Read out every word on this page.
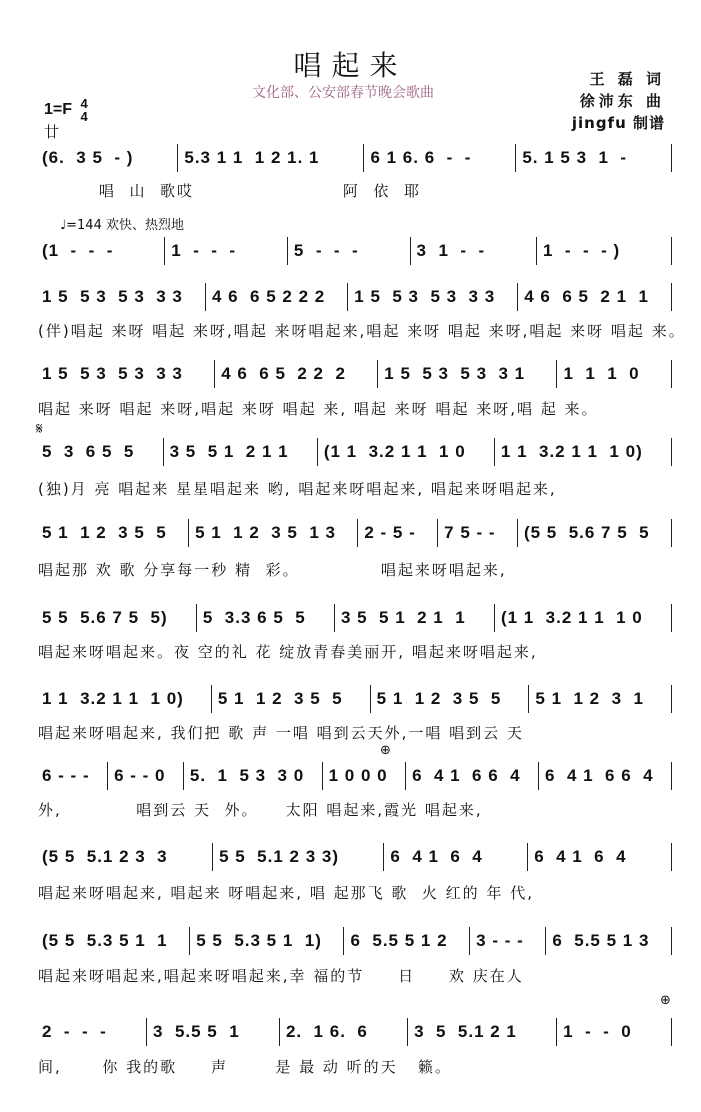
唱起来
文化部、公安部春节晚会歌曲
王 磊 词
徐沛东 曲
jingfu 制谱
1=F 4
4
廿
♩=144 欢快、热烈地
𝄋
⊕
⊕
(6.  3 5  - )	5.3 1 1  1 2 1. 1	6 1 6. 6  -  -	5. 1 5 3  1  -
唱  山  歌哎                      阿  依  耶
(1  -  -  -	1  -  -  -	5  -  -  -	3  1  -  -	1  -  -  - )
1 5  5 3  5 3  3 3	4 6  6 5 2 2 2	1 5  5 3  5 3  3 3	4 6  6 5  2 1  1
(伴)唱起 来呀 唱起 来呀,唱起 来呀唱起来,唱起 来呀 唱起 来呀,唱起 来呀 唱起 来。
1 5  5 3  5 3  3 3	4 6  6 5  2 2  2	1 5  5 3  5 3  3 1	1  1  1  0
唱起 来呀 唱起 来呀,唱起 来呀 唱起 来, 唱起 来呀 唱起 来呀,唱 起 来。
5  3  6 5  5	3 5  5 1  2 1 1	(1 1  3.2 1 1  1 0	1 1  3.2 1 1  1 0)
(独)月 亮 唱起来 星星唱起来 哟, 唱起来呀唱起来, 唱起来呀唱起来,
5 1  1 2  3 5  5	5 1  1 2  3 5  1 3	2 - 5 -	7 5 - -	(5 5  5.6 7 5  5
唱起那 欢 歌 分享每一秒 精  彩。            唱起来呀唱起来,
5 5  5.6 7 5  5)	5  3.3 6 5  5	3 5  5 1  2 1  1	(1 1  3.2 1 1  1 0
唱起来呀唱起来。夜 空的礼 花 绽放青春美丽开, 唱起来呀唱起来,
1 1  3.2 1 1  1 0)	5 1  1 2  3 5  5	5 1  1 2  3 5  5	5 1  1 2  3  1
唱起来呀唱起来, 我们把 歌 声 一唱 唱到云天外,一唱 唱到云 天
6 - - -	6 - - 0	5.  1  5 3  3 0	1 0 0 0	6  4 1  6 6  4	6  4 1  6 6  4
外,           唱到云 天  外。    太阳 唱起来,霞光 唱起来,
(5 5  5.1 2 3  3	5 5  5.1 2 3 3)	6  4 1  6  4	6  4 1  6  4
唱起来呀唱起来, 唱起来 呀唱起来, 唱 起那飞 歌  火 红的 年 代,
(5 5  5.3 5 1  1	5 5  5.3 5 1  1)	6  5.5 5 1 2	3 - - -	6  5.5 5 1 3
唱起来呀唱起来,唱起来呀唱起来,幸 福的节     日     欢 庆在人
2  -  -  -	3  5.5 5  1	2.  1 6.  6	3  5  5.1 2 1	1  -  -  0
间,      你 我的歌     声       是 最 动 听的天   籁。
